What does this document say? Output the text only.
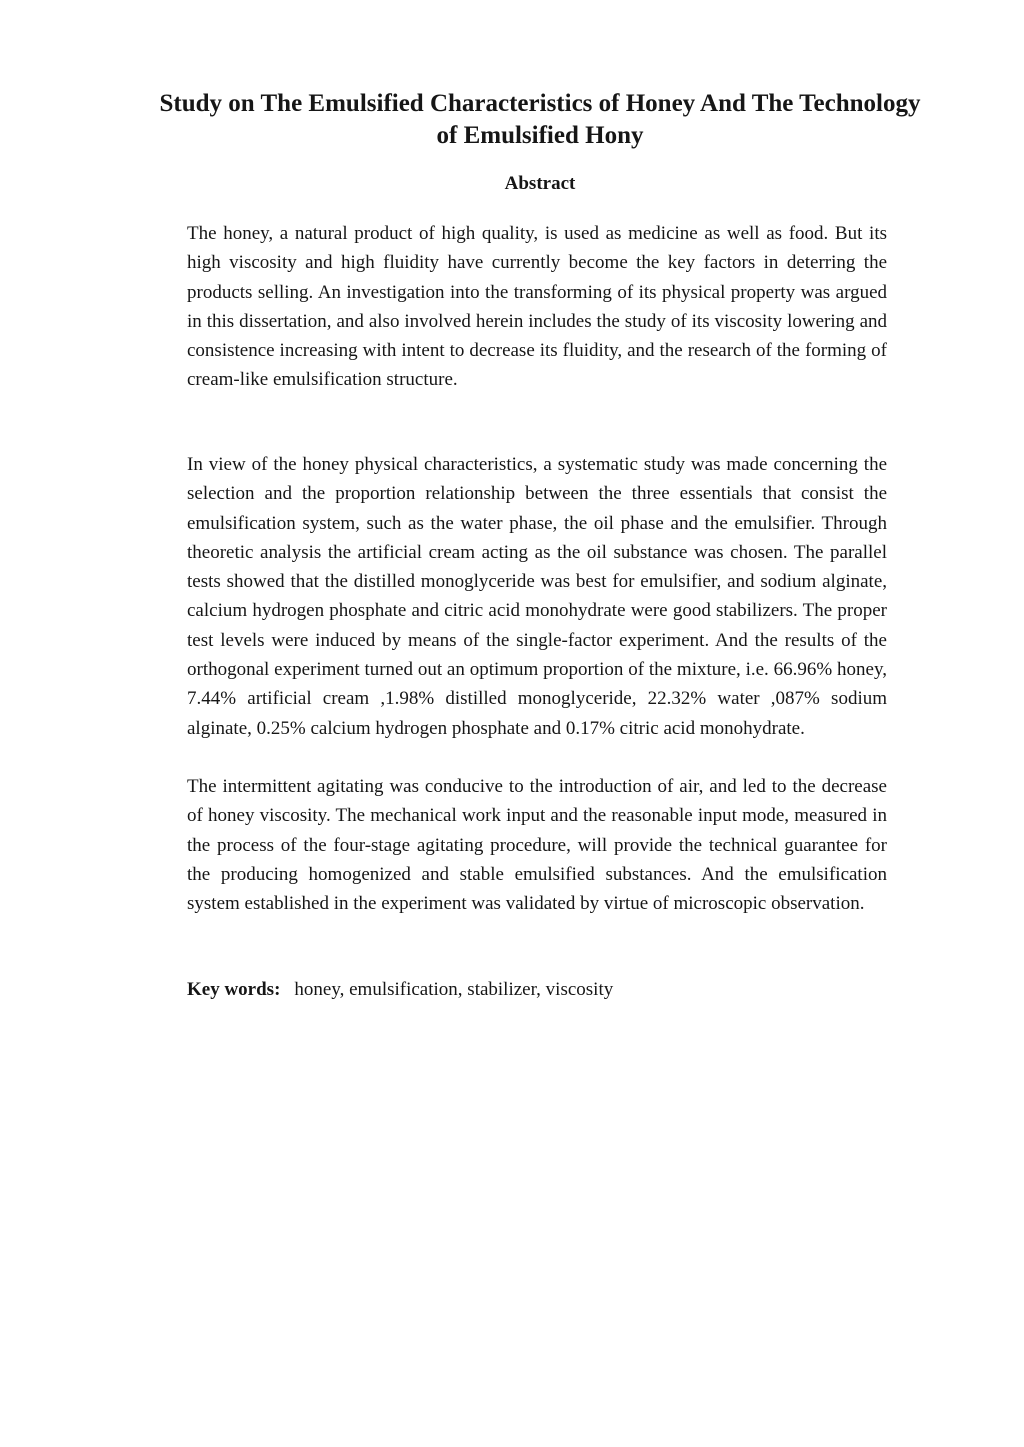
Study on The Emulsified Characteristics of Honey And The Technology of Emulsified Hony
Abstract

The honey, a natural product of high quality, is used as medicine as well as food. But its high viscosity and high fluidity have currently become the key factors in deterring the products selling. An investigation into the transforming of its physical property was argued in this dissertation, and also involved herein includes the study of its viscosity lowering and consistence increasing with intent to decrease its fluidity, and the research of the forming of cream-like emulsification structure.

In view of the honey physical characteristics, a systematic study was made concerning the selection and the proportion relationship between the three essentials that consist the emulsification system, such as the water phase, the oil phase and the emulsifier. Through theoretic analysis the artificial cream acting as the oil substance was chosen. The parallel tests showed that the distilled monoglyceride was best for emulsifier, and sodium alginate, calcium hydrogen phosphate and citric acid monohydrate were good stabilizers. The proper test levels were induced by means of the single-factor experiment. And the results of the orthogonal experiment turned out an optimum proportion of the mixture, i.e. 66.96% honey, 7.44% artificial cream ,1.98% distilled monoglyceride, 22.32% water ,087% sodium alginate, 0.25% calcium hydrogen phosphate and 0.17% citric acid monohydrate.

The intermittent agitating was conducive to the introduction of air, and led to the decrease of honey viscosity. The mechanical work input and the reasonable input mode, measured in the process of the four-stage agitating procedure, will provide the technical guarantee for the producing homogenized and stable emulsified substances. And the emulsification system established in the experiment was validated by virtue of microscopic observation.

Key words: honey, emulsification, stabilizer, viscosity
